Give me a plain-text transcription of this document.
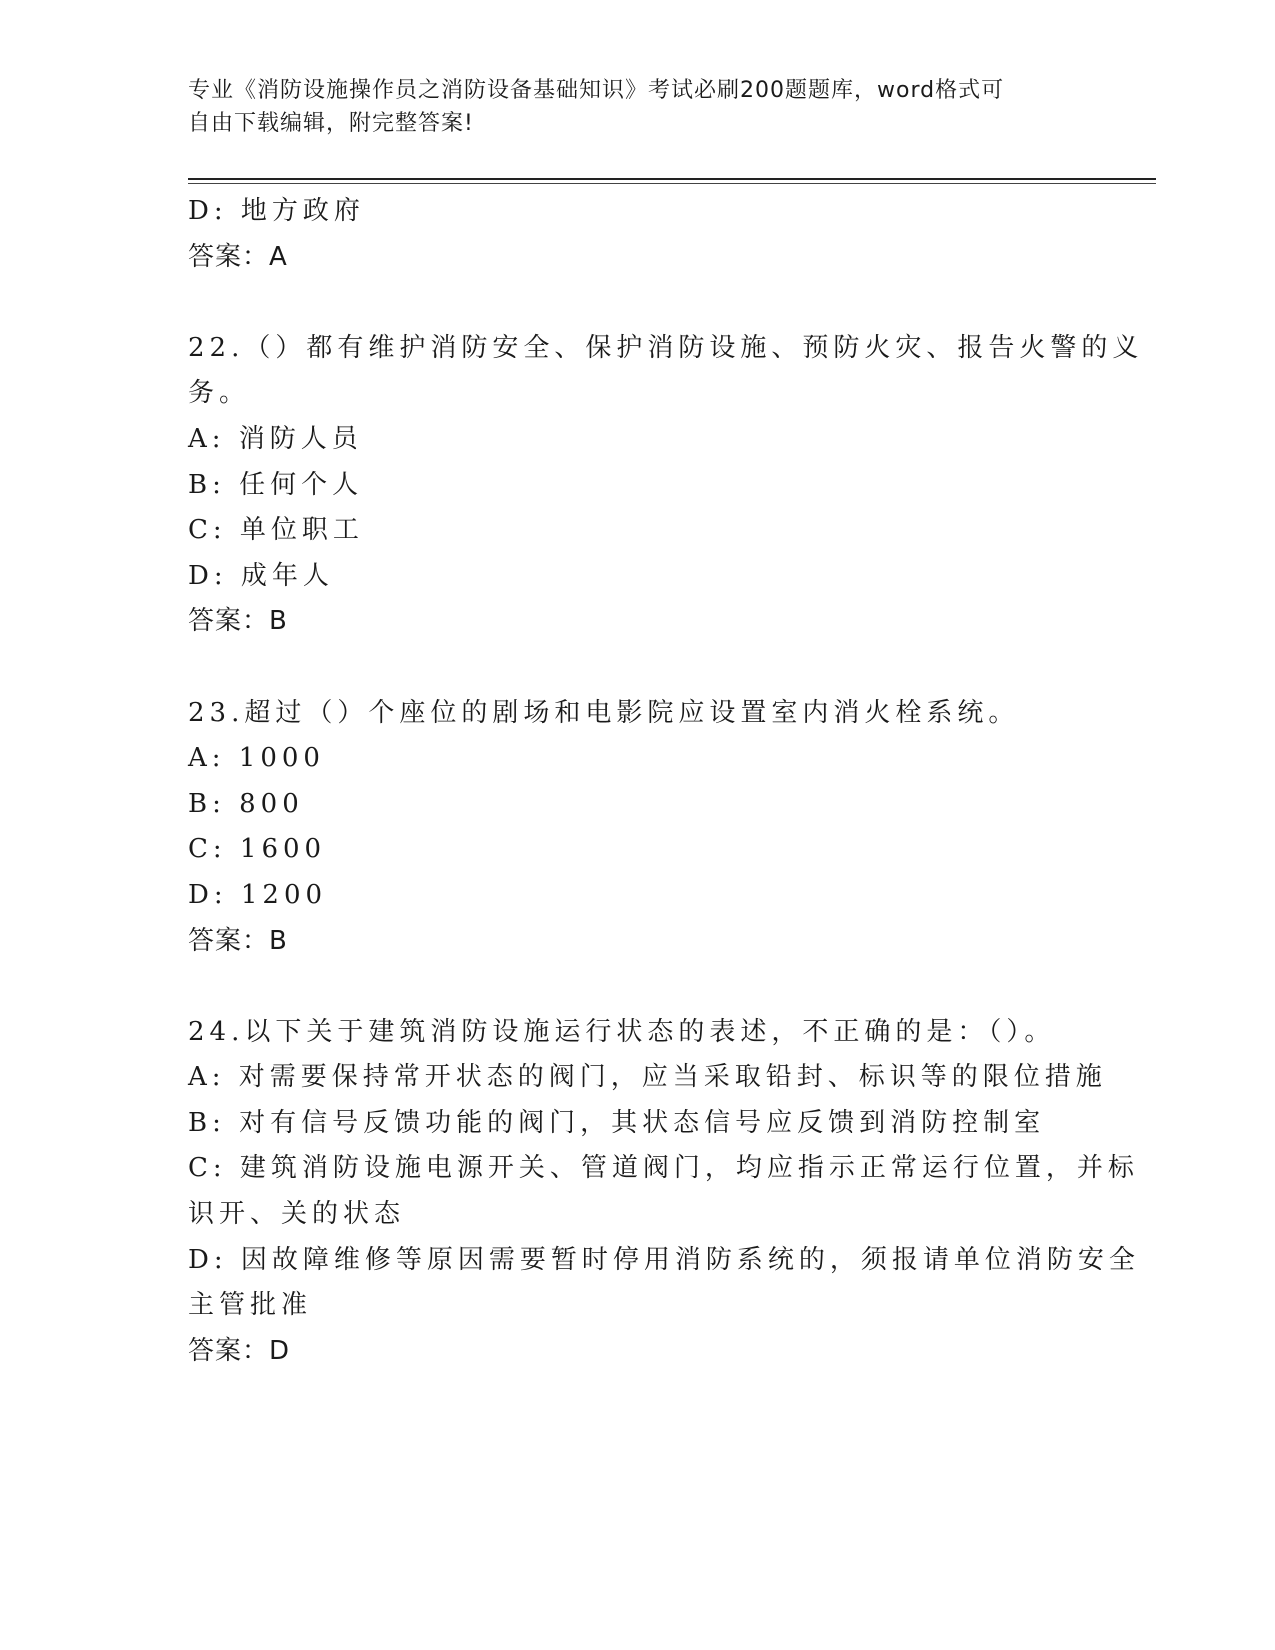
专业《消防设施操作员之消防设备基础知识》考试必刷200题题库，word格式可
自由下载编辑，附完整答案!
D: 地方政府
答案：A
22.（）都有维护消防安全、保护消防设施、预防火灾、报告火警的义
务。
A: 消防人员
B: 任何个人
C: 单位职工
D: 成年人
答案：B
23.超过（）个座位的剧场和电影院应设置室内消火栓系统。
A: 1000
B: 800
C: 1600
D: 1200
答案：B
24.以下关于建筑消防设施运行状态的表述，不正确的是：（）。
A: 对需要保持常开状态的阀门，应当采取铅封、标识等的限位措施
B: 对有信号反馈功能的阀门，其状态信号应反馈到消防控制室
C: 建筑消防设施电源开关、管道阀门，均应指示正常运行位置，并标
识开、关的状态
D: 因故障维修等原因需要暂时停用消防系统的，须报请单位消防安全
主管批准
答案：D
